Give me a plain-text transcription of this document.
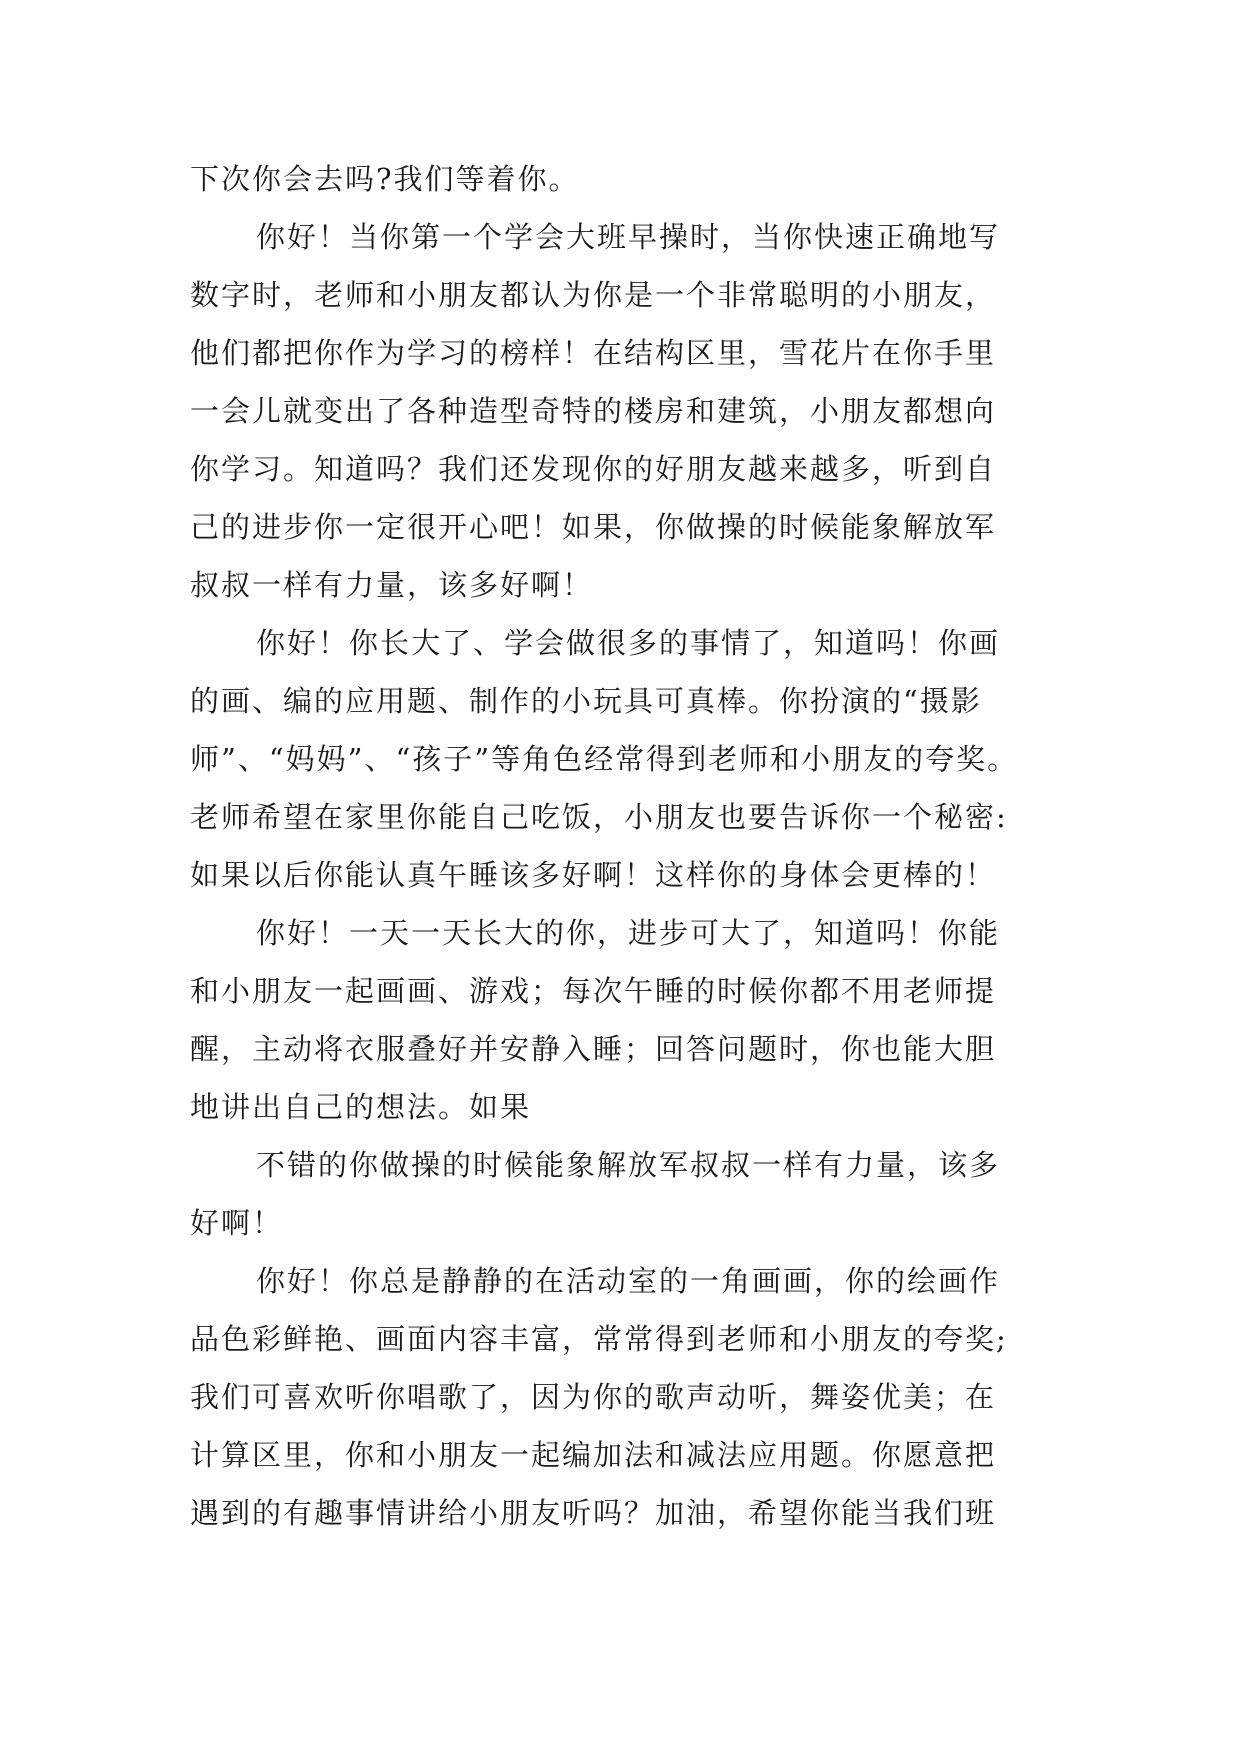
下次你会去吗?我们等着你。
你好！当你第一个学会大班早操时，当你快速正确地写
数字时，老师和小朋友都认为你是一个非常聪明的小朋友，
他们都把你作为学习的榜样！在结构区里，雪花片在你手里
一会儿就变出了各种造型奇特的楼房和建筑，小朋友都想向
你学习。知道吗？我们还发现你的好朋友越来越多，听到自
己的进步你一定很开心吧！如果，你做操的时候能象解放军
叔叔一样有力量，该多好啊！
你好！你长大了、学会做很多的事情了，知道吗！你画
的画、编的应用题、制作的小玩具可真棒。你扮演的“摄影
师”、“妈妈”、“孩子”等角色经常得到老师和小朋友的夸奖。
老师希望在家里你能自己吃饭，小朋友也要告诉你一个秘密:
如果以后你能认真午睡该多好啊！这样你的身体会更棒的！
你好！一天一天长大的你，进步可大了，知道吗！你能
和小朋友一起画画、游戏；每次午睡的时候你都不用老师提
醒，主动将衣服叠好并安静入睡；回答问题时，你也能大胆
地讲出自己的想法。如果
不错的你做操的时候能象解放军叔叔一样有力量，该多
好啊！
你好！你总是静静的在活动室的一角画画，你的绘画作
品色彩鲜艳、画面内容丰富，常常得到老师和小朋友的夸奖;
我们可喜欢听你唱歌了，因为你的歌声动听，舞姿优美；在
计算区里，你和小朋友一起编加法和减法应用题。你愿意把
遇到的有趣事情讲给小朋友听吗？加油，希望你能当我们班
